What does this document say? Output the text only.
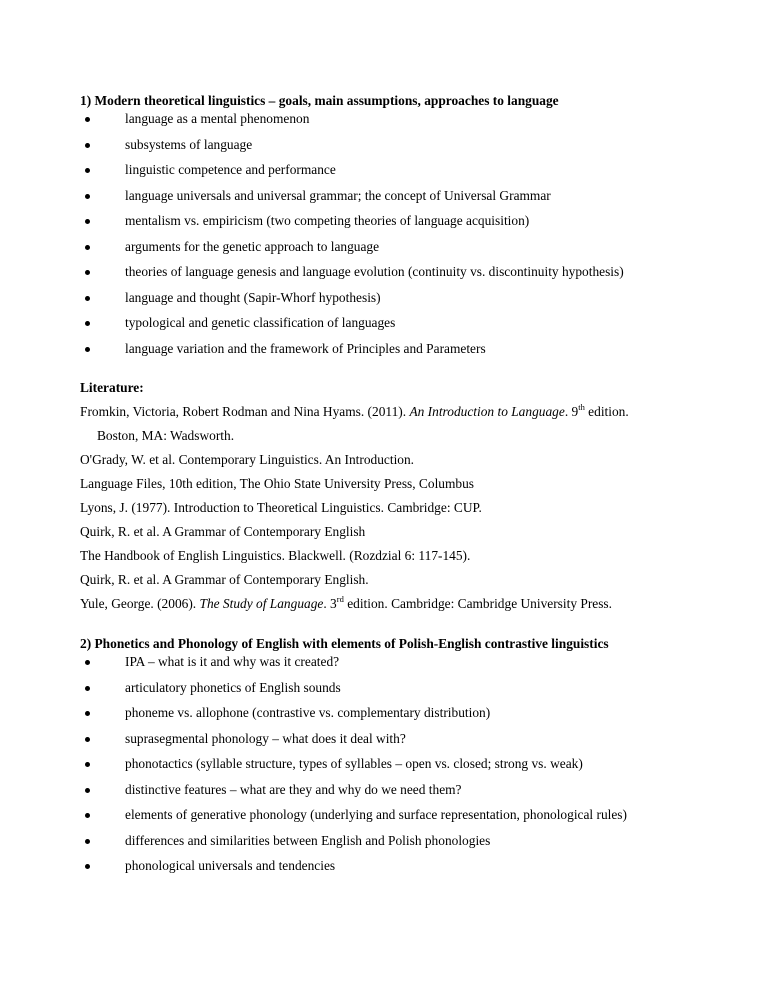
1) Modern theoretical linguistics – goals, main assumptions, approaches to language

language as a mental phenomenon
subsystems of language
linguistic competence and performance
language universals and universal grammar; the concept of Universal Grammar
mentalism vs. empiricism (two competing theories of language acquisition)
arguments for the genetic approach to language
theories of language genesis and language evolution (continuity vs. discontinuity hypothesis)
language and thought (Sapir-Whorf hypothesis)
typological and genetic classification of languages
language variation and the framework of Principles and Parameters

Literature:

Fromkin, Victoria, Robert Rodman and Nina Hyams. (2011). An Introduction to Language. 9th edition.
Boston, MA: Wadsworth.
O'Grady, W. et al. Contemporary Linguistics. An Introduction.
Language Files, 10th edition, The Ohio State University Press, Columbus
Lyons, J. (1977). Introduction to Theoretical Linguistics. Cambridge: CUP.
Quirk, R. et al. A Grammar of Contemporary English
The Handbook of English Linguistics. Blackwell. (Rozdzial 6: 117-145).
Quirk, R. et al. A Grammar of Contemporary English.
Yule, George. (2006). The Study of Language. 3rd edition. Cambridge: Cambridge University Press.

2) Phonetics and Phonology of English with elements of Polish-English contrastive linguistics

IPA – what is it and why was it created?
articulatory phonetics of English sounds
phoneme vs. allophone (contrastive vs. complementary distribution)
suprasegmental phonology – what does it deal with?
phonotactics (syllable structure, types of syllables – open vs. closed; strong vs. weak)
distinctive features – what are they and why do we need them?
elements of generative phonology (underlying and surface representation, phonological rules)
differences and similarities between English and Polish phonologies
phonological universals and tendencies
